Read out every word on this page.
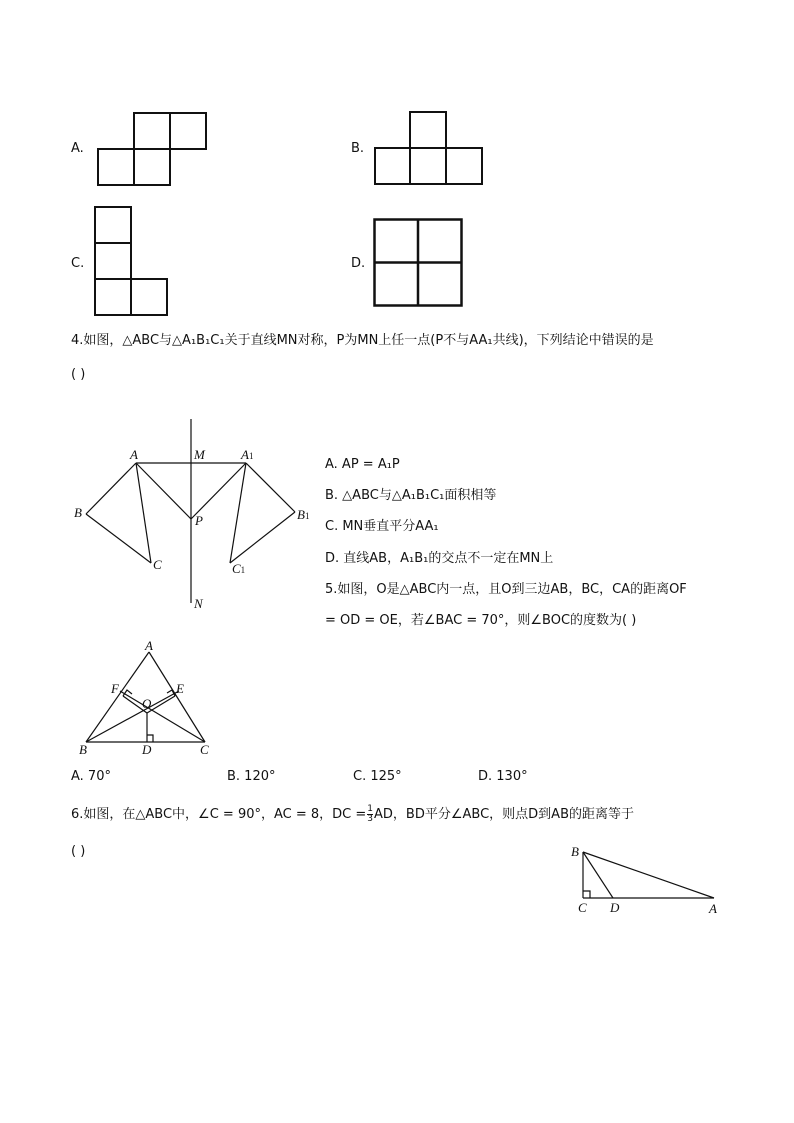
A.	B.
C.	D.
4.如图，△ABC与△A₁B₁C₁关于直线MN对称，P为MN上任一点(P不与AA₁共线)，下列结论中错误的是
( )
A	M	A1
B
P	B1
C	C1
N
A. AP = A₁P
B. △ABC与△A₁B₁C₁面积相等
C. MN垂直平分AA₁
D. 直线AB，A₁B₁的交点不一定在MN上
5.如图，O是△ABC内一点，且O到三边AB，BC，CA的距离OF
= OD = OE，若∠BAC = 70°，则∠BOC的度数为( )
A
F	E
O
B	D	C
A. 70°	B. 120°	C. 125°	D. 130°
6.如图，在△ABC中，∠C = 90°，AC = 8，DC = $\frac{1}{3}$ AD，BD平分∠ABC，则点D到AB的距离等于
( )	B
C D	A
